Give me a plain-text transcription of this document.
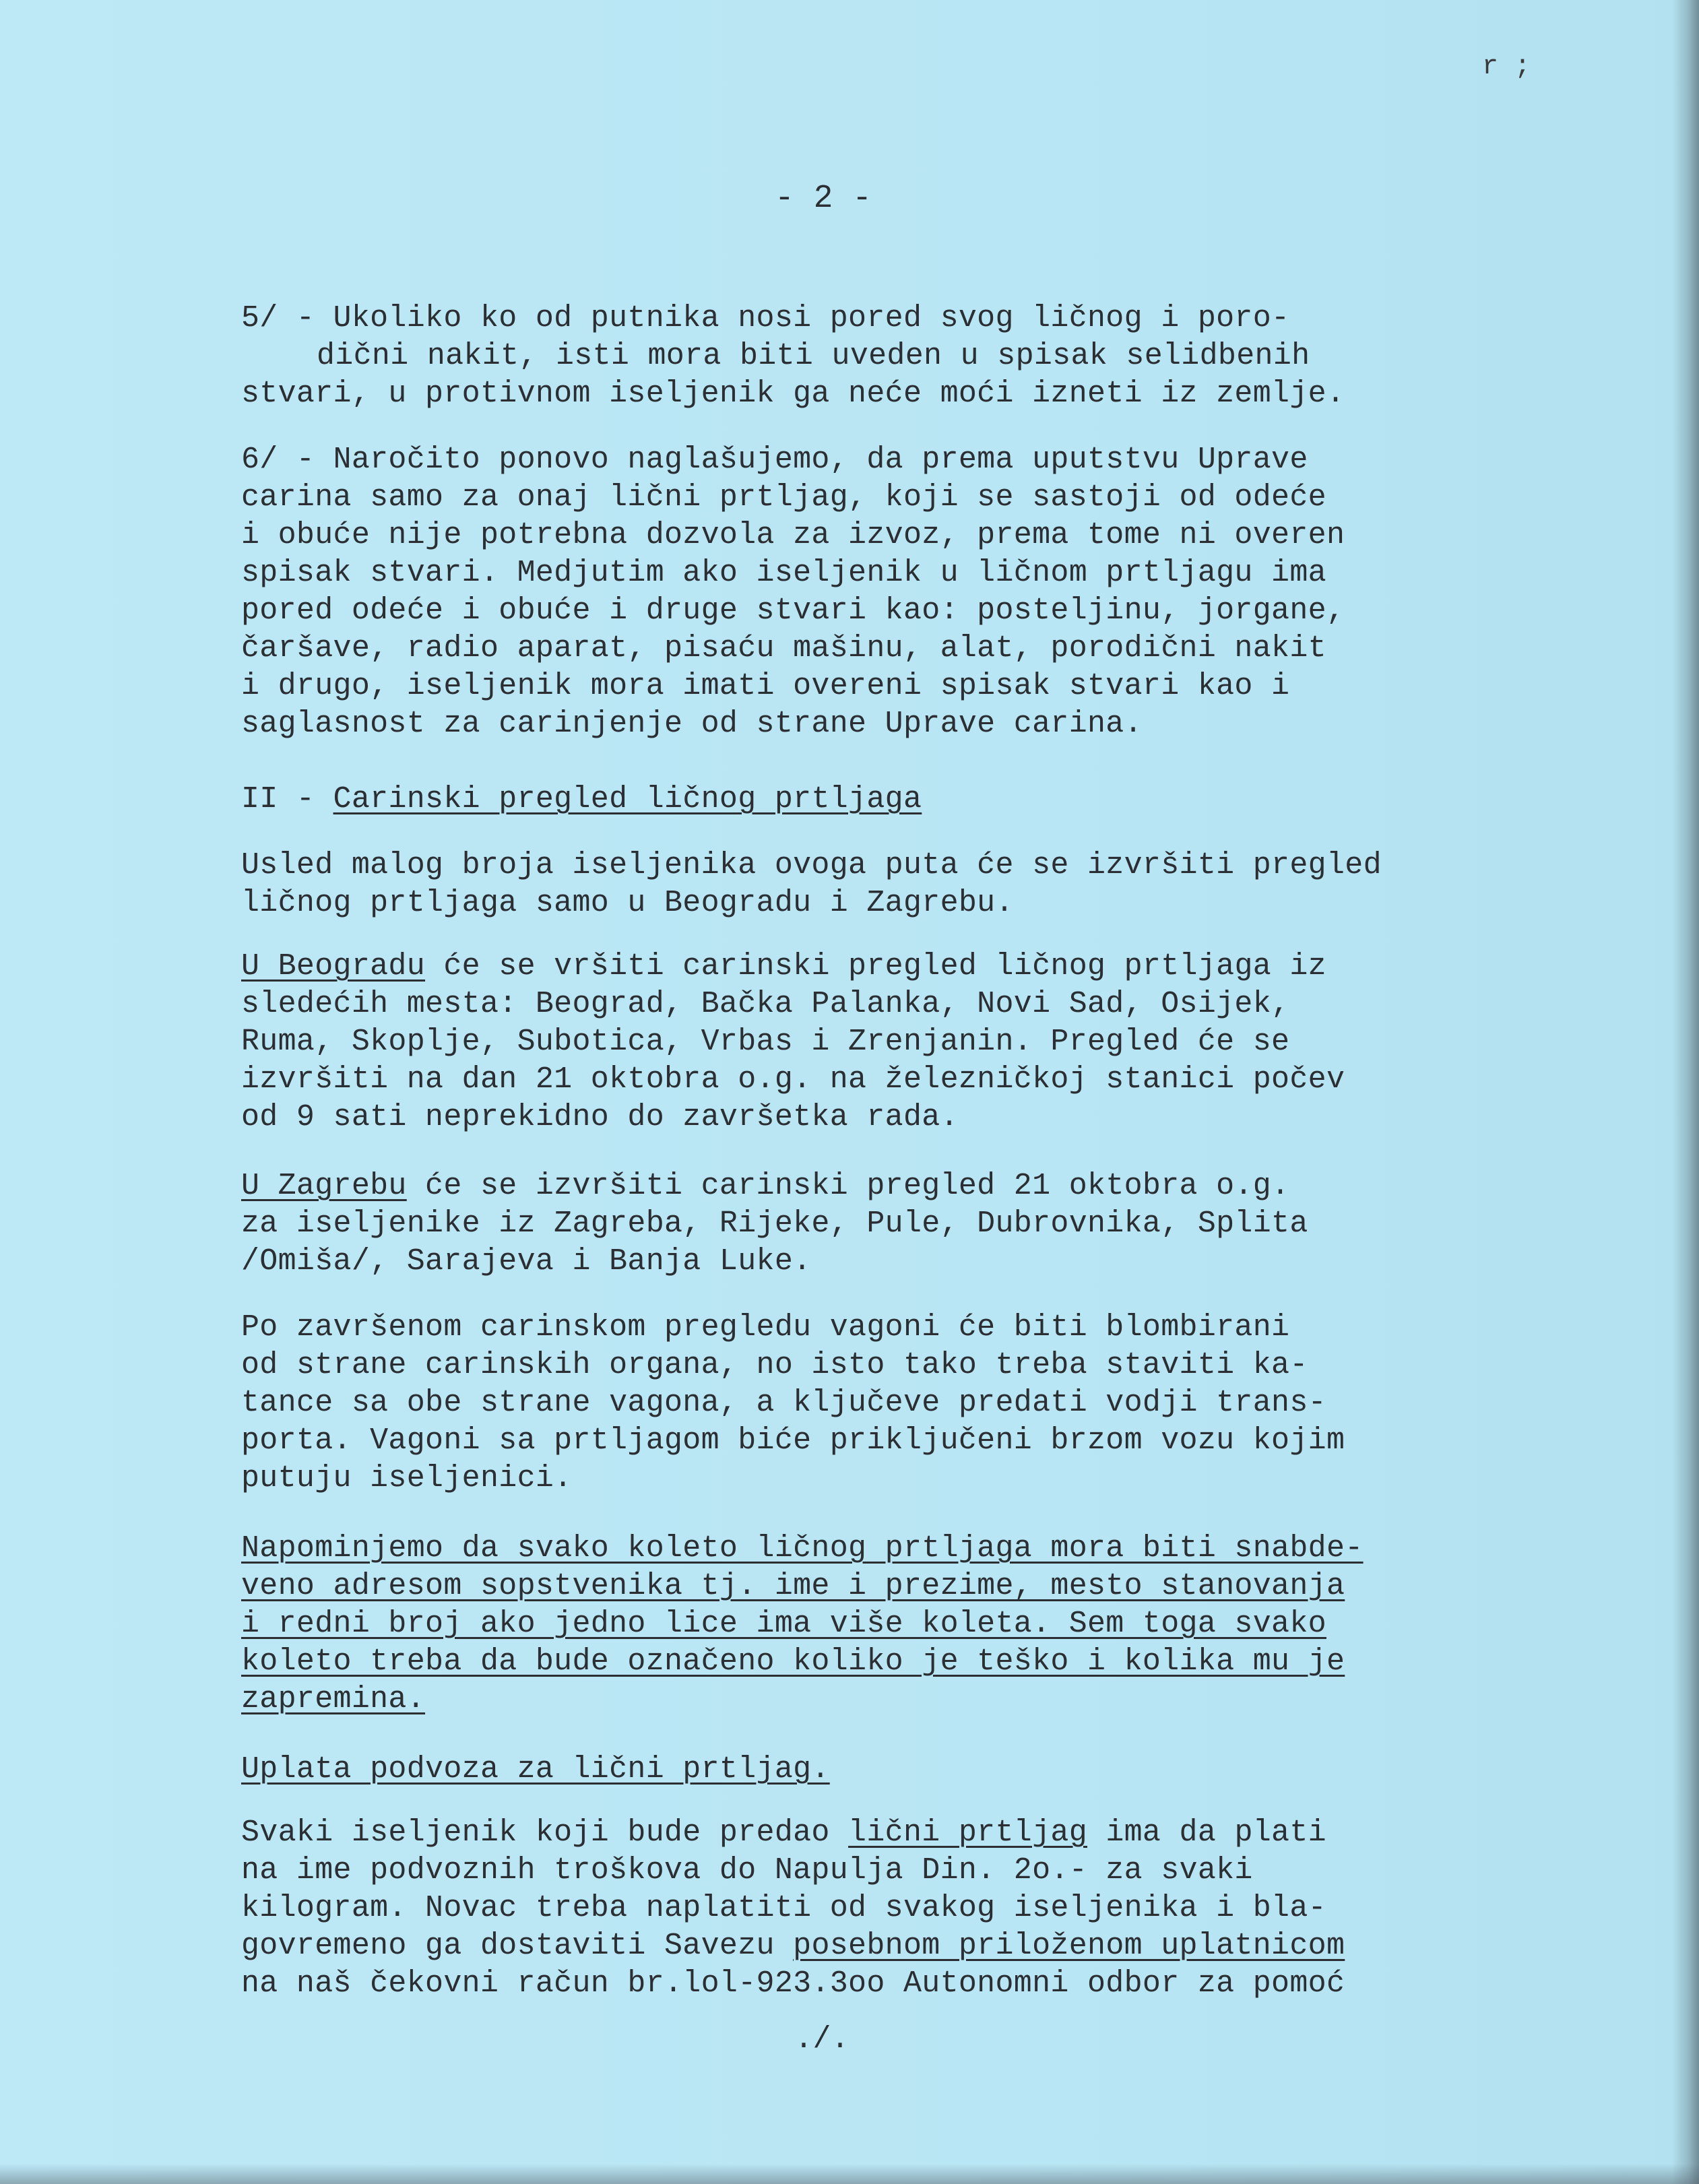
r ;
- 2 -
5/ - Ukoliko ko od putnika nosi pored svog ličnog i poro-
dični nakit, isti mora biti uveden u spisak selidbenih
stvari, u protivnom iseljenik ga neće moći izneti iz zemlje.
6/ - Naročito ponovo naglašujemo, da prema uputstvu Uprave
carina samo za onaj lični prtljag, koji se sastoji od odeće
i obuće nije potrebna dozvola za izvoz, prema tome ni overen
spisak stvari. Medjutim ako iseljenik u ličnom prtljagu ima
pored odeće i obuće i druge stvari kao: posteljinu, jorgane,
čaršave, radio aparat, pisaću mašinu, alat, porodični nakit
i drugo, iseljenik mora imati overeni spisak stvari kao i
saglasnost za carinjenje od strane Uprave carina.
II - Carinski pregled ličnog prtljaga
Usled malog broja iseljenika ovoga puta će se izvršiti pregled
ličnog prtljaga samo u Beogradu i Zagrebu.
U Beogradu će se vršiti carinski pregled ličnog prtljaga iz
sledećih mesta: Beograd, Bačka Palanka, Novi Sad, Osijek,
Ruma, Skoplje, Subotica, Vrbas i Zrenjanin. Pregled će se
izvršiti na dan 21 oktobra o.g. na železničkoj stanici počev
od 9 sati neprekidno do završetka rada.
U Zagrebu će se izvršiti carinski pregled 21 oktobra o.g.
za iseljenike iz Zagreba, Rijeke, Pule, Dubrovnika, Splita
/Omiša/, Sarajeva i Banja Luke.
Po završenom carinskom pregledu vagoni će biti blombirani
od strane carinskih organa, no isto tako treba staviti ka-
tance sa obe strane vagona, a ključeve predati vodji trans-
porta. Vagoni sa prtljagom biće priključeni brzom vozu kojim
putuju iseljenici.
Napominjemo da svako koleto ličnog prtljaga mora biti snabde-
veno adresom sopstvenika tj. ime i prezime, mesto stanovanja
i redni broj ako jedno lice ima više koleta. Sem toga svako
koleto treba da bude označeno koliko je teško i kolika mu je
zapremina.
Uplata podvoza za lični prtljag.
Svaki iseljenik koji bude predao lični prtljag ima da plati
na ime podvoznih troškova do Napulja Din. 2o.- za svaki
kilogram. Novac treba naplatiti od svakog iseljenika i bla-
govremeno ga dostaviti Savezu posebnom priloženom uplatnicom
na naš čekovni račun br.lol-923.3oo Autonomni odbor za pomoć
./.
